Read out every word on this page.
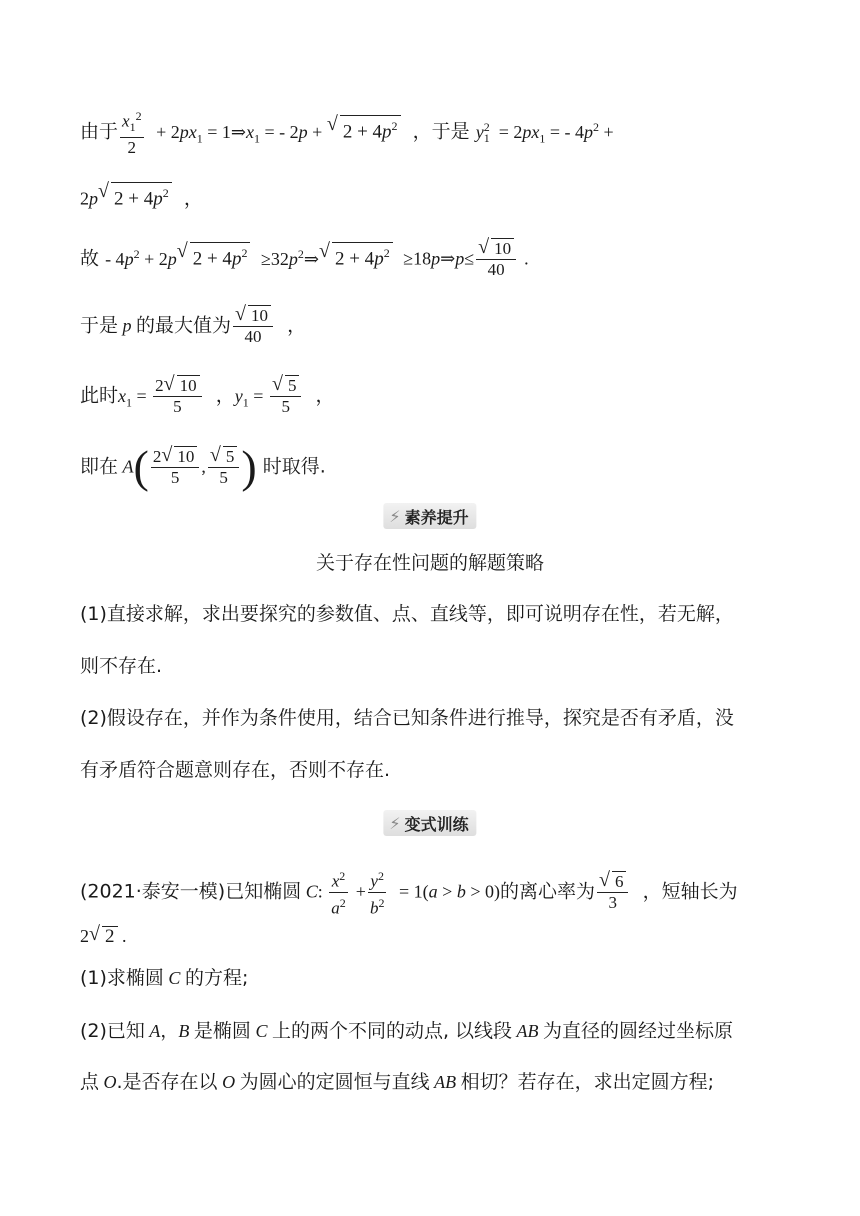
由于 $\frac{x_1^2}{2} + 2px_1$ = $1\Rightarrow x_1$ = - 2p + √ $2 + 4p^2$ ，于是 $y^2_1 = 2px_1$ = - $4p^2$ +
2p √ $2 + 4p^2$ ，
故 - $4p^2 + 2p$ √ $2 + 4p^2$  $\ge 32p^2\Rightarrow$ √ $2 + 4p^2$  ≥18p⇒p≤ $\frac{√ 10}{40}$ .
于是 p 的最大值为 $\frac{√ 10}{40}$ ，
此时$x_1 = \frac{2 √ 10}{5}$ ，$y_1 = \frac{√ 5}{5}$ ，
即在 $A( \frac{2 √ 10}{5}$ , $\frac{√ 5}{5}$ ) 时取得.
⚡ 素养提升
关于存在性问题的解题策略
(1)直接求解，求出要探究的参数值、点、直线等，即可说明存在性，若无解，
则不存在.
(2)假设存在，并作为条件使用，结合已知条件进行推导，探究是否有矛盾，没
有矛盾符合题意则存在，否则不存在.
⚡ 变式训练
(2021·泰安一模)已知椭圆 C: $\frac{x^2}{a^2} + \frac{y^2}{b^2} = 1(a > b > 0)$的离心率为 $\frac{√ 6}{3}$ ，短轴长为
2 √ 2 .
(1)求椭圆 C 的方程;
(2)已知 A，B 是椭圆 C 上的两个不同的动点, 以线段 AB 为直径的圆经过坐标原
点 O.是否存在以 O 为圆心的定圆恒与直线 AB 相切？若存在，求出定圆方程;
